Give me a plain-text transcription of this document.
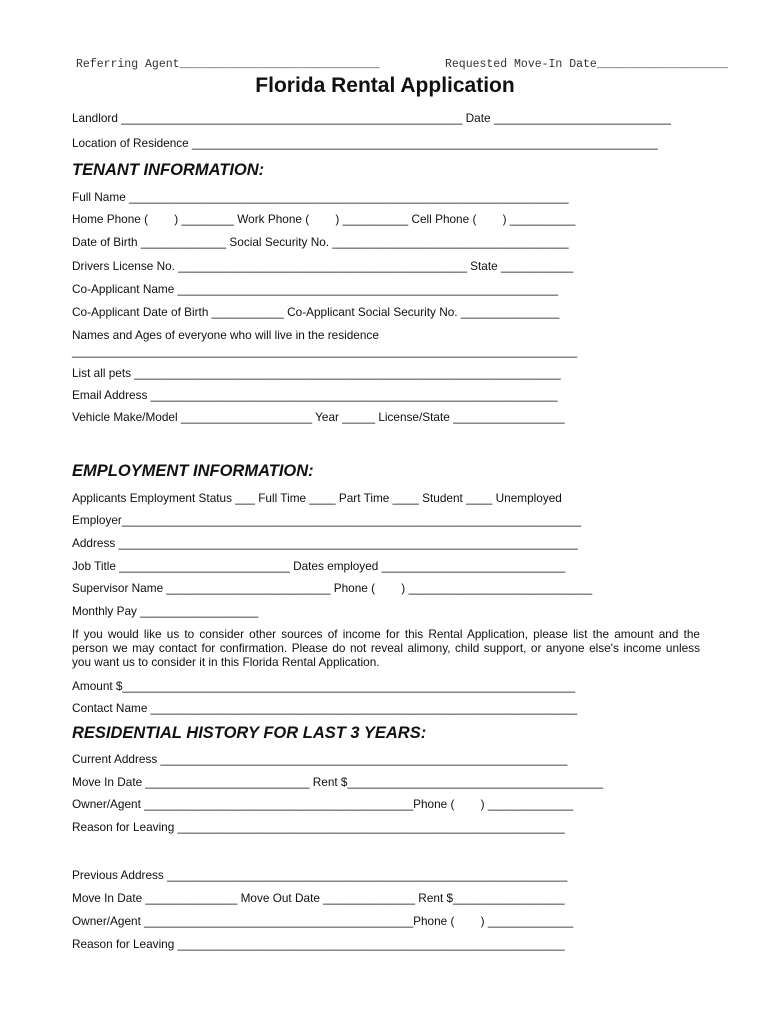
Referring Agent_____________________________	Requested Move-In Date___________________
Florida Rental Application
Landlord ____________________________________________________ Date ___________________________
Location of Residence _______________________________________________________________________
TENANT INFORMATION:
Full Name ___________________________________________________________________
Home Phone (        ) ________ Work Phone (        ) __________ Cell Phone (        ) __________
Date of Birth _____________ Social Security No. ____________________________________
Drivers License No. ____________________________________________ State ___________
Co-Applicant Name __________________________________________________________
Co-Applicant Date of Birth ___________ Co-Applicant Social Security No. _______________
Names and Ages of everyone who will live in the residence
_____________________________________________________________________________
List all pets _________________________________________________________________
Email Address ______________________________________________________________
Vehicle Make/Model ____________________ Year _____ License/State _________________
EMPLOYMENT INFORMATION:
Applicants Employment Status ___ Full Time ____ Part Time ____ Student ____ Unemployed
Employer______________________________________________________________________
Address ______________________________________________________________________
Job Title __________________________ Dates employed ____________________________
Supervisor Name _________________________ Phone (        ) ____________________________
Monthly Pay __________________

If you would like us to consider other sources of income for this Rental Application, please list the amount and the person we may contact for confirmation. Please do not reveal alimony, child support, or anyone else's income unless you want us to consider it in this Florida Rental Application.

Amount $_____________________________________________________________________
Contact Name _________________________________________________________________
RESIDENTIAL HISTORY FOR LAST 3 YEARS:
Current Address ______________________________________________________________
Move In Date _________________________ Rent $_______________________________________
Owner/Agent _________________________________________Phone (        ) _____________
Reason for Leaving ___________________________________________________________
Previous Address _____________________________________________________________
Move In Date ______________ Move Out Date ______________ Rent $_________________
Owner/Agent _________________________________________Phone (        ) _____________
Reason for Leaving ___________________________________________________________
